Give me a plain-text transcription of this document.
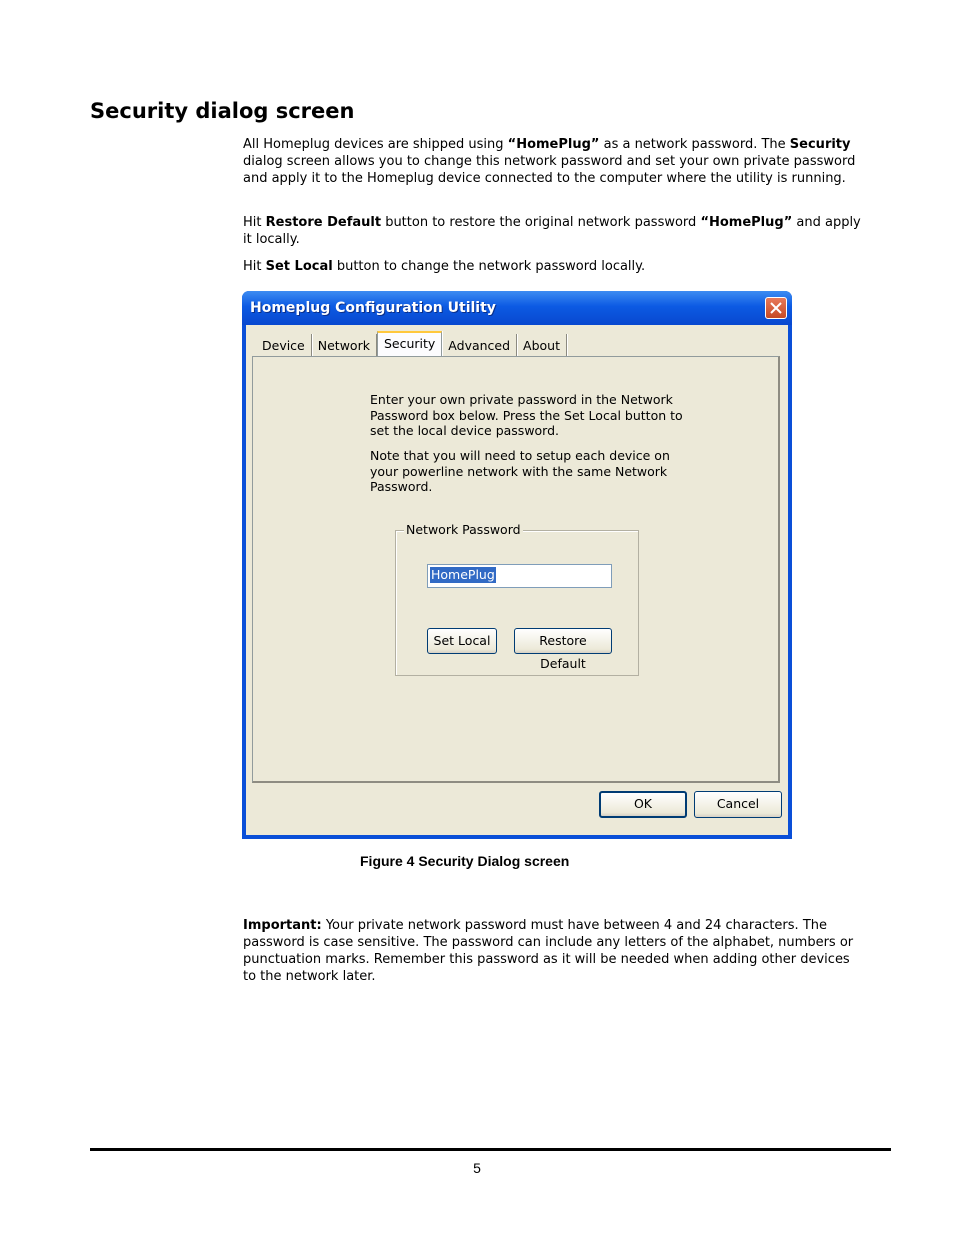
Security dialog screen

All Homeplug devices are shipped using “HomePlug” as a network password. The Security dialog screen allows you to change this network password and set your own private password and apply it to the Homeplug device connected to the computer where the utility is running.

Hit Restore Default button to restore the original network password “HomePlug” and apply it locally.

Hit Set Local button to change the network password locally.

Homeplug Configuration Utility
Device	Network	Security	Advanced	About

Enter your own private password in the Network Password box below. Press the Set Local button to set the local device password.

Note that you will need to setup each device on your powerline network with the same Network Password.

Network Password
HomePlug
Set Local	Restore Default
OK	Cancel

Figure 4 Security Dialog screen

Important: Your private network password must have between 4 and 24 characters. The password is case sensitive. The password can include any letters of the alphabet, numbers or punctuation marks. Remember this password as it will be needed when adding other devices to the network later.

5
